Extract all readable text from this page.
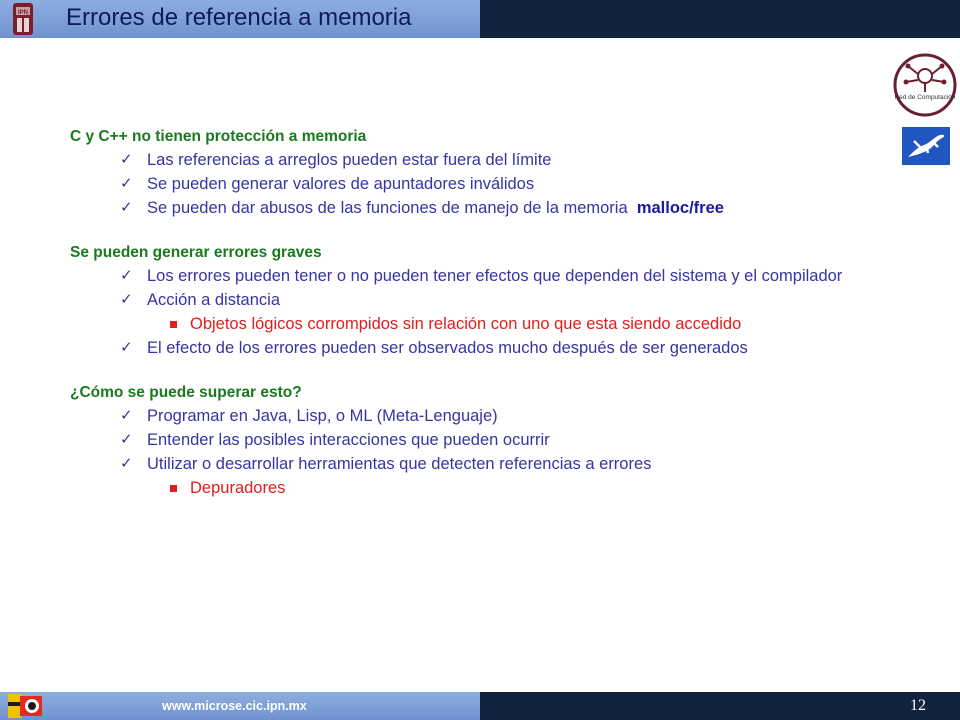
IPN Errores de referencia a memoria
Red de Computación
C y C++ no tienen protección a memoria
✓ Las referencias a arreglos pueden estar fuera del límite
✓ Se pueden generar valores de apuntadores inválidos
✓ Se pueden dar abusos de las funciones de manejo de la memoria malloc/free
Se pueden generar errores graves
✓ Los errores pueden tener o no pueden tener efectos que dependen del sistema y el compilador
✓ Acción a distancia
Objetos lógicos corrompidos sin relación con uno que esta siendo accedido
✓ El efecto de los errores pueden ser observados mucho después de ser generados
¿Cómo se puede superar esto?
✓ Programar en Java, Lisp, o ML (Meta-Lenguaje)
✓ Entender las posibles interacciones que pueden ocurrir
✓ Utilizar o desarrollar herramientas que detecten referencias a errores
Depuradores
www.microse.cic.ipn.mx	12
